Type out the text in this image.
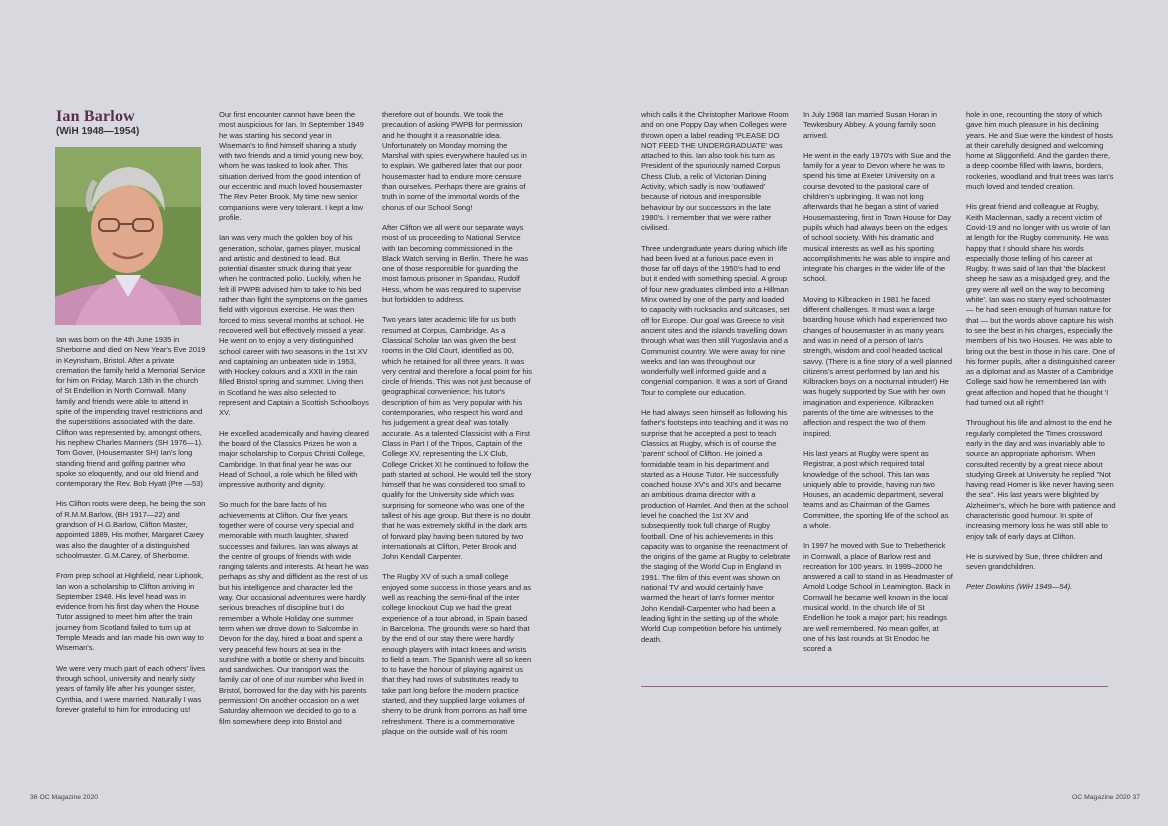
Ian Barlow
(WiH 1948—1954)

Ian was born on the 4th June 1935 in Sherborne and died on New Year's Eve 2019 in Keynsham, Bristol. After a private cremation the family held a Memorial Service for him on Friday, March 13th in the church of St Endellion in North Cornwall. Many family and friends were able to attend in spite of the impending travel restrictions and the superstitions associated with the date. Clifton was represented by, amongst others, his nephew Charles Manners (SH 1976—1). Tom Gover, (Housemaster SH) Ian's long standing friend and golfing partner who spoke so eloquently, and our old friend and contemporary the Rev. Bob Hyatt (Pre —53)

His Clifton roots were deep, he being the son of R.M.M.Barlow, (BH 1917—22) and grandson of H.G.Barlow, Clifton Master, appointed 1889, His mother, Margaret Carey was also the daughter of a distinguished schoolmaster. G.M.Carey, of Sherborne.

From prep school at Highfield, near Liphook, Ian won a scholarship to Clifton arriving in September 1948. His level head was in evidence from his first day when the House Tutor assigned to meet him after the train journey from Scotland failed to turn up at Temple Meads and Ian made his own way to Wiseman's.

We were very much part of each others' lives through school, university and nearly sixty years of family life after his younger sister, Cynthia, and I were married. Naturally I was forever grateful to him for introducing us!

Our first encounter cannot have been the most auspicious for Ian. In September 1949 he was starting his second year in Wiseman's to find himself sharing a study with two friends and a timid young new boy, whom he was tasked to look after. This situation derived from the good intention of our eccentric and much loved housemaster The Rev Peter Brook. My time new senior companions were very tolerant. I kept a low profile.

Ian was very much the golden boy of his generation, scholar, games player, musical and artistic and destined to lead. But potential disaster struck during that year when he contracted polio. Luckily, when he felt ill PWPB advised him to take to his bed rather than fight the symptoms on the games field with vigorous exercise. He was then forced to miss several months at school. He recovered well but effectively missed a year. He went on to enjoy a very distinguished school career with two seasons in the 1st XV and captaining an unbeaten side in 1953, with Hockey colours and a XXII in the rain filled Bristol spring and summer. Living then in Scotland he was also selected to represent and Captain a Scottish Schoolboys XV.

He excelled academically and having cleared the board of the Classics Prizes he won a major scholarship to Corpus Christi College, Cambridge. In that final year he was our Head of School, a role which he filled with impressive authority and dignity.

So much for the bare facts of his achievements at Clifton. Our five years together were of course very special and memorable with much laughter, shared successes and failures. Ian was always at the centre of groups of friends with wide ranging talents and interests. At heart he was perhaps as shy and diffident as the rest of us but his intelligence and character led the way. Our occasional adventures were hardly serious breaches of discipline but I do remember a Whole Holiday one summer term when we drove down to Salcombe in Devon for the day, hired a boat and spent a very peaceful few hours at sea in the sunshine with a bottle or sherry and biscuits and sandwiches. Our transport was the family car of one of our number who lived in Bristol, borrowed for the day with his parents permission! On another occasion on a wet Saturday afternoon we decided to go to a film somewhere deep into Bristol and

therefore out of bounds. We took the precaution of asking PWPB for permission and he thought it a reasonable idea. Unfortunately on Monday morning the Marshal with spies everywhere hauled us in to explain. We gathered later that our poor housemaster had to endure more censure than ourselves. Perhaps there are grains of truth in some of the immortal words of the chorus of our School Song!

After Clifton we all went our separate ways most of us proceeding to National Service with Ian becoming commissioned in the Black Watch serving in Berlin. There he was one of those responsible for guarding the most famous prisoner in Spandau, Rudolf Hess, whom he was required to supervise but forbidden to address.

Two years later academic life for us both resumed at Corpus, Cambridge. As a Classical Scholar Ian was given the best rooms in the Old Court, identified as 00, which he retained for all three years. It was very central and therefore a focal point for his circle of friends. This was not just because of geographical convenience; his tutor's description of him as 'very popular with his contemporaries, who respect his word and his judgement a great deal' was totally accurate. As a talented Classicist with a First Class in Part I of the Tripos, Captain of the College XV, representing the LX Club, College Cricket XI he continued to follow the path started at school. He would tell the story himself that he was considered too small to qualify for the University side which was surprising for someone who was one of the tallest of his age group. But there is no doubt that he was extremely skilful in the dark arts of forward play having been tutored by two internationals at Clifton, Peter Brook and John Kendall Carpenter.

The Rugby XV of such a small college enjoyed some success in those years and as well as reaching the semi-final of the inter college knockout Cup we had the great experience of a tour abroad, in Spain based in Barcelona. The grounds were so hard that by the end of our stay there were hardly enough players with intact knees and wrists to field a team. The Spanish were all so keen to to have the honour of playing against us that they had rows of substitutes ready to take part long before the modern practice started, and they supplied large volumes of sherry to be drunk from porrons as half time refreshment. There is a commemorative plaque on the outside wall of his room

which calls it the Christopher Marlowe Room and on one Poppy Day when Colleges were thrown open a label reading 'PLEASE DO NOT FEED THE UNDERGRADUATE' was attached to this. Ian also took his turn as President of the spuriously named Corpus Chess Club, a relic of Victorian Dining Activity, which sadly is now 'outlawed' because of riotous and irresponsible behaviour by our successors in the late 1980's. I remember that we were rather civilised.

Three undergraduate years during which life had been lived at a furious pace even in those far off days of the 1950's had to end but it ended with something special. A group of four new graduates climbed into a Hillman Minx owned by one of the party and loaded to capacity with rucksacks and suitcases, set off for Europe. Our goal was Greece to visit ancient sites and the islands travelling down through what was then still Yugoslavia and a Communist country. We were away for nine weeks and Ian was throughout our wonderfully well informed guide and a congenial companion. It was a sort of Grand Tour to complete our education.

He had always seen himself as following his father's footsteps into teaching and it was no surprise that he accepted a post to teach Classics at Rugby, which is of course the 'parent' school of Clifton. He joined a formidable team in his department and started as a House Tutor. He successfully coached house XV's and XI's and became an ambitious drama director with a production of Hamlet. And then at the school level he coached the 1st XV and subsequently took full charge of Rugby football. One of his achievements in this capacity was to organise the reenactment of the origins of the game at Rugby to celebrate the staging of the World Cup in England in 1991. The film of this event was shown on national TV and would certainly have warmed the heart of Ian's former mentor John Kendall-Carpenter who had been a leading light in the setting up of the whole World Cup competition before his untimely death.

In July 1968 Ian married Susan Horan in Tewkesbury Abbey. A young family soon arrived.

He went in the early 1970's with Sue and the family for a year to Devon where he was to spend his time at Exeter University on a course devoted to the pastoral care of children's upbringing. It was not long afterwards that he began a stint of varied Housemastering, first in Town House for Day pupils which had always been on the edges of school society. With his dramatic and musical interests as well as his sporting accomplishments he was able to inspire and integrate his charges in the wider life of the school.

Moving to Kilbracken in 1981 he faced different challenges. It must was a large boarding house which had experienced two changes of housemaster in as many years and was in need of a person of Ian's strength, wisdom and cool headed tactical savvy. (There is a fine story of a well planned citizens's arrest performed by Ian and his Kilbracken boys on a nocturnal intruder!) He was hugely supported by Sue with her own imagination and experience. Kilbracken parents of the time are witnesses to the affection and respect the two of them inspired.

His last years at Rugby were spent as Registrar, a post which required total knowledge of the school. This Ian was uniquely able to provide, having run two Houses, an academic department, several teams and as Chairman of the Games Committee, the sporting life of the school as a whole.

In 1997 he moved with Sue to Trebetherick in Cornwall, a place of Barlow rest and recreation for 100 years. In 1999–2000 he answered a call to stand in as Headmaster of Arnold Lodge School in Leamington. Back in Cornwall he became well known in the local musical world. In the church life of St Endellion he took a major part; his readings are well remembered. No mean golfer, at one of his last rounds at St Enodoc he scored a

hole in one, recounting the story of which gave him much pleasure in his declining years. He and Sue were the kindest of hosts at their carefully designed and welcoming home at Sliggonfield. And the garden there, a deep coombe filled with lawns, borders, rockeries, woodland and fruit trees was Ian's much loved and tended creation.

His great friend and colleague at Rugby, Keith Maclennan, sadly a recent victim of Covid-19 and no longer with us wrote of Ian at length for the Rugby community. He was happy that I should share his words especially those telling of his career at Rugby. It was said of Ian that 'the blackest sheep he saw as a misjudged grey, and the grey were all well on the way to becoming white'. Ian was no starry eyed schoolmaster — he had seen enough of human nature for that — but the words above capture his wish to see the best in his charges, especially the members of his two Houses. He was able to bring out the best in those in his care. One of his former pupils, after a distinguished career as a diplomat and as Master of a Cambridge College said how he remembered Ian with great affection and hoped that he thought 'I had turned out all right'!

Throughout his life and almost to the end he regularly completed the Times crossword early in the day and was invariably able to source an appropriate aphorism. When consulted recently by a great niece about studying Greek at University he replied "Not having read Homer is like never having seen the sea". His last years were blighted by Alzheimer's, which he bore with patience and characteristic good humour. In spite of increasing memory loss he was still able to enjoy talk of early days at Clifton.

He is survived by Sue, three children and seven grandchildren.

Peter Dowkins (WiH 1949—54).

36 OC Magazine 2020	OC Magazine 2020 37
